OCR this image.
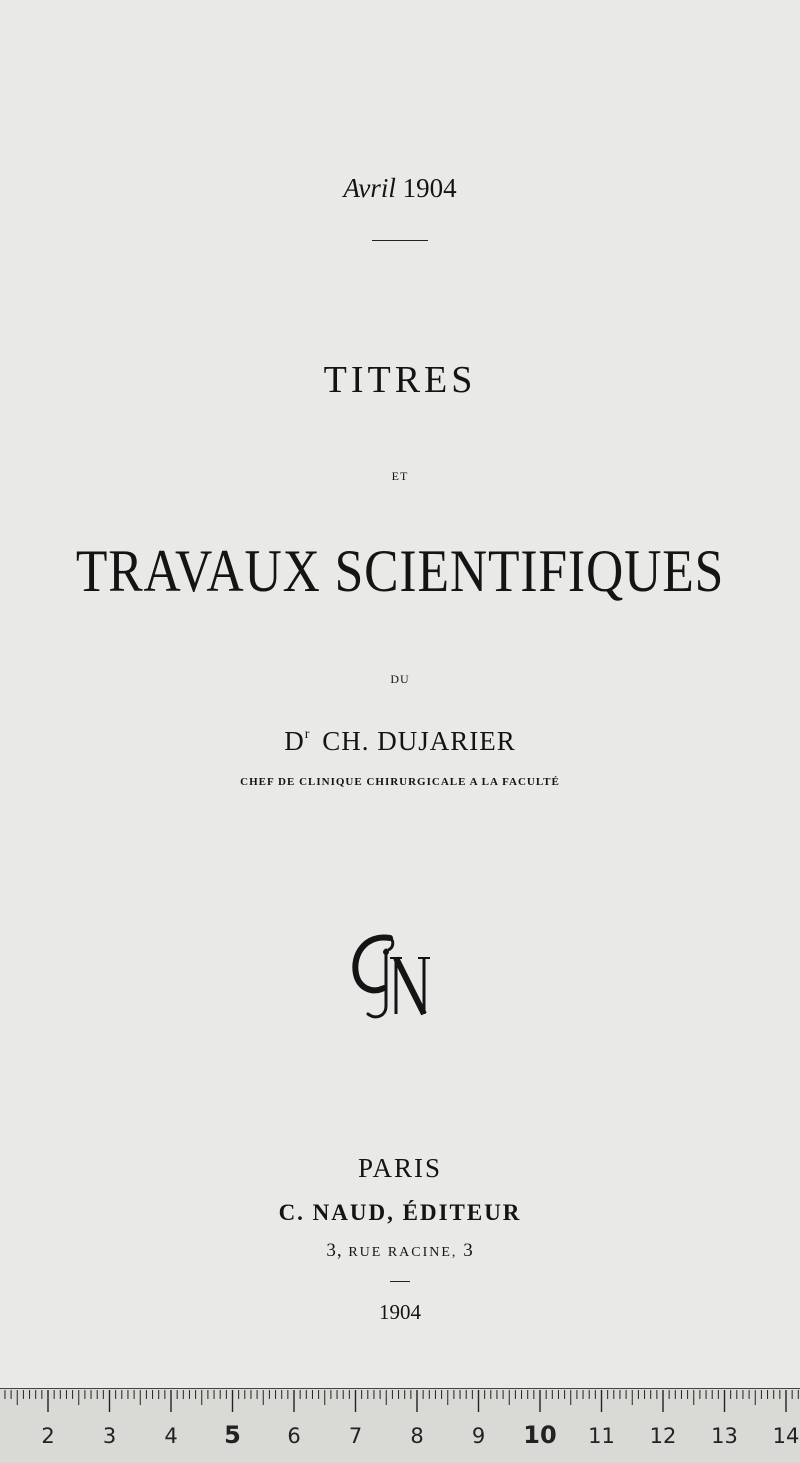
Avril 1904
TITRES
ET
TRAVAUX SCIENTIFIQUES
DU
$D^r$ CH. DUJARIER
CHEF DE CLINIQUE CHIRURGICALE A LA FACULTÉ
PARIS
C. NAUD, ÉDITEUR
3, RUE RACINE, 3
1904
2 3 4 5 6 7 8 9 10 11 12 13 14
